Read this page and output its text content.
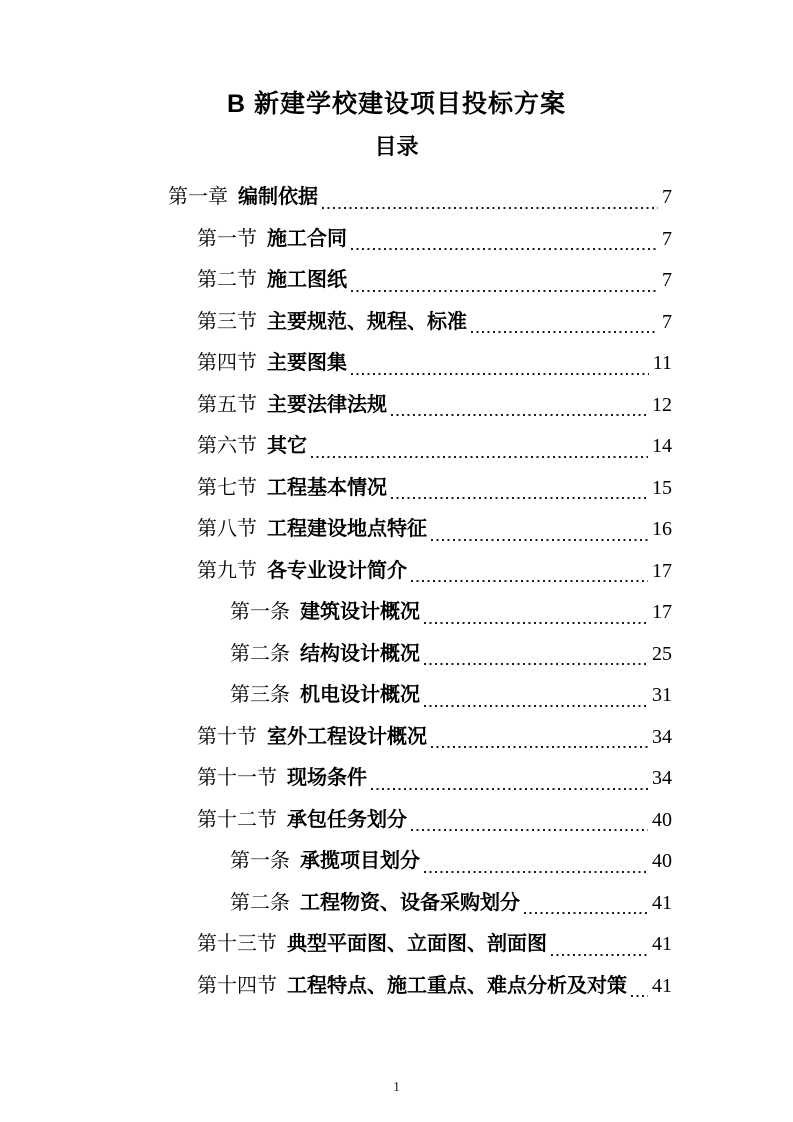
B 新建学校建设项目投标方案
目录
第一章 编制依据	7
第一节 施工合同	7
第二节 施工图纸	7
第三节 主要规范、规程、标准	7
第四节 主要图集	11
第五节 主要法律法规	12
第六节 其它	14
第七节 工程基本情况	15
第八节 工程建设地点特征	16
第九节 各专业设计简介	17
第一条 建筑设计概况	17
第二条 结构设计概况	25
第三条 机电设计概况	31
第十节 室外工程设计概况	34
第十一节 现场条件	34
第十二节 承包任务划分	40
第一条 承揽项目划分	40
第二条 工程物资、设备采购划分	41
第十三节 典型平面图、立面图、剖面图	41
第十四节 工程特点、施工重点、难点分析及对策 41
1
